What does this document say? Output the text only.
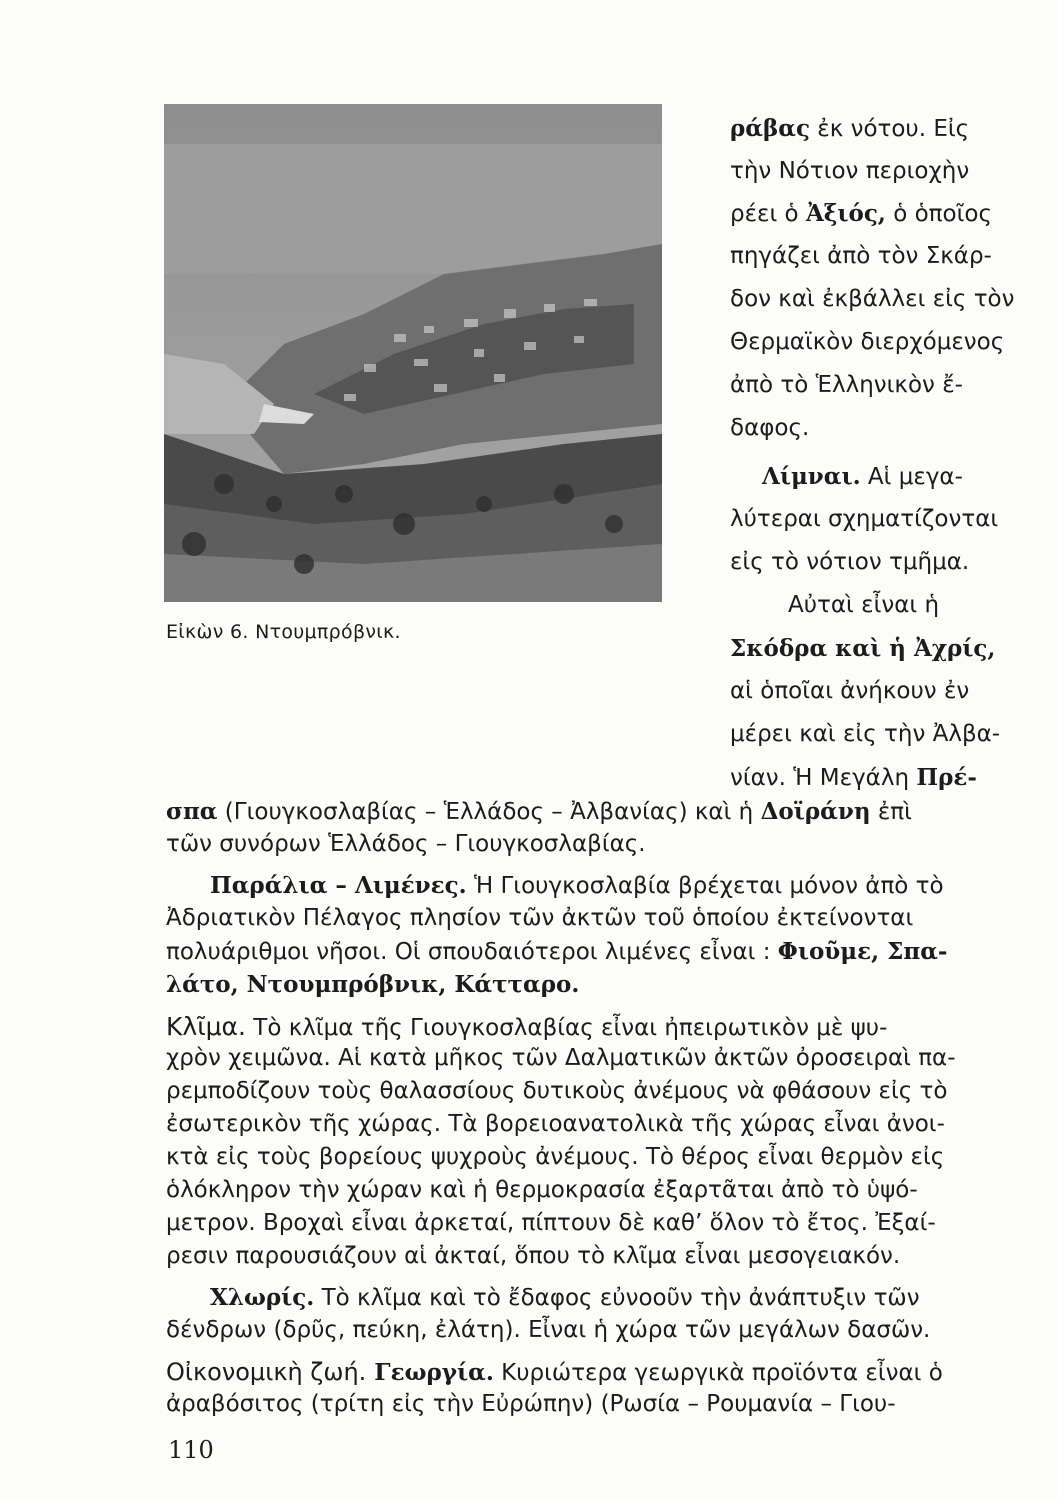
Εἰκὼν 6. Ντουμπρόβνικ.
ράβας ἐκ νότου. Εἰς
τὴν Νότιον περιοχὴν
ρέει ὁ Ἀξιός, ὁ ὁποῖος
πηγάζει ἀπὸ τὸν Σκάρ-
δον καὶ ἐκβάλλει εἰς τὸν
Θερμαϊκὸν διερχόμενος
ἀπὸ τὸ Ἑλληνικὸν ἔ-
δαφος.
Λίμναι. Αἱ μεγα-
λύτεραι σχηματίζονται
εἰς τὸ νότιον τμῆμα.
Αὐταὶ εἶναι ἡ
Σκόδρα καὶ ἡ Ἀχρίς,
αἱ ὁποῖαι ἀνήκουν ἐν
μέρει καὶ εἰς τὴν Ἀλβα-
νίαν. Ἡ Μεγάλη Πρέ-
σπα (Γιουγκοσλαβίας – Ἑλλάδος – Ἀλβανίας) καὶ ἡ Δοϊράνη ἐπὶ
τῶν συνόρων Ἑλλάδος – Γιουγκοσλαβίας.
Παράλια – Λιμένες. Ἡ Γιουγκοσλαβία βρέχεται μόνον ἀπὸ τὸ
Ἀδριατικὸν Πέλαγος πλησίον τῶν ἀκτῶν τοῦ ὁποίου ἐκτείνονται
πολυάριθμοι νῆσοι. Οἱ σπουδαιότεροι λιμένες εἶναι : Φιοῦμε, Σπα-
λάτο, Ντουμπρόβνικ, Κάτταρο.
Κλῖμα. Τὸ κλῖμα τῆς Γιουγκοσλαβίας εἶναι ἠπειρωτικὸν μὲ ψυ-
χρὸν χειμῶνα. Αἱ κατὰ μῆκος τῶν Δαλματικῶν ἀκτῶν ὀροσειραὶ πα-
ρεμποδίζουν τοὺς θαλασσίους δυτικοὺς ἀνέμους νὰ φθάσουν εἰς τὸ
ἐσωτερικὸν τῆς χώρας. Τὰ βορειοανατολικὰ τῆς χώρας εἶναι ἀνοι-
κτὰ εἰς τοὺς βορείους ψυχροὺς ἀνέμους. Τὸ θέρος εἶναι θερμὸν εἰς
ὁλόκληρον τὴν χώραν καὶ ἡ θερμοκρασία ἐξαρτᾶται ἀπὸ τὸ ὑψό-
μετρον. Βροχαὶ εἶναι ἀρκεταί, πίπτουν δὲ καθ’ ὅλον τὸ ἔτος. Ἐξαί-
110
ρεσιν παρουσιάζουν αἱ ἀκταί, ὅπου τὸ κλῖμα εἶναι μεσογειακόν.
Χλωρίς. Τὸ κλῖμα καὶ τὸ ἔδαφος εὐνοοῦν τὴν ἀνάπτυξιν τῶν
δένδρων (δρῦς, πεύκη, ἐλάτη). Εἶναι ἡ χώρα τῶν μεγάλων δασῶν.
Οἰκονομικὴ ζωή. Γεωργία. Κυριώτερα γεωργικὰ προϊόντα εἶναι ὁ
ἀραβόσιτος (τρίτη εἰς τὴν Εὐρώπην) (Ρωσία – Ρουμανία – Γιου-
